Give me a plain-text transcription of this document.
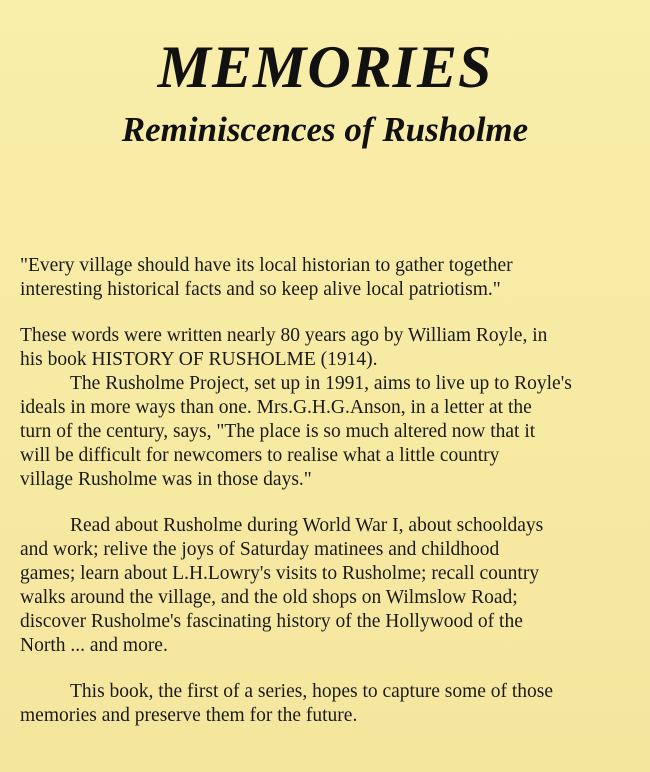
MEMORIES
Reminiscences of Rusholme

"Every village should have its local historian to gather together
interesting historical facts and so keep alive local patriotism."

These words were written nearly 80 years ago by William Royle, in
his book HISTORY OF RUSHOLME (1914).

The Rusholme Project, set up in 1991, aims to live up to Royle's
ideals in more ways than one. Mrs.G.H.G.Anson, in a letter at the
turn of the century, says, "The place is so much altered now that it
will be difficult for newcomers to realise what a little country
village Rusholme was in those days."

Read about Rusholme during World War I, about schooldays
and work; relive the joys of Saturday matinees and childhood
games; learn about L.H.Lowry's visits to Rusholme; recall country
walks around the village, and the old shops on Wilmslow Road;
discover Rusholme's fascinating history of the Hollywood of the
North ... and more.

This book, the first of a series, hopes to capture some of those
memories and preserve them for the future.
